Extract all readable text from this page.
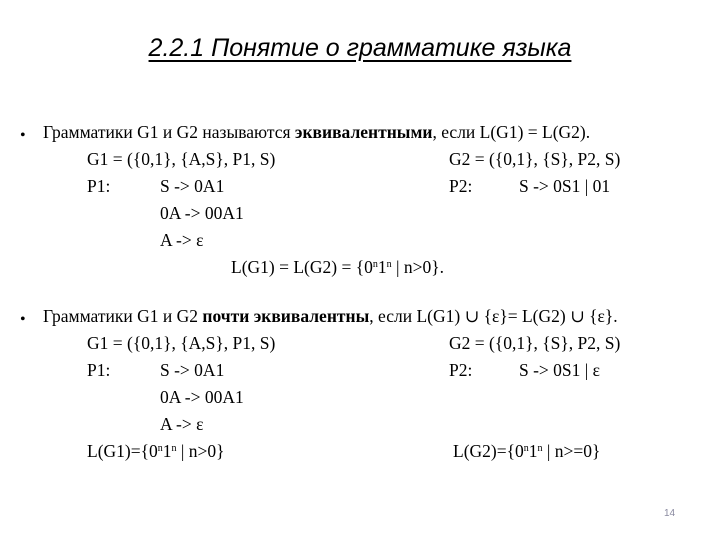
2.2.1 Понятие о грамматике языка
• Грамматики G1 и G2 называются эквивалентными, если L(G1) = L(G2).
G1 = ({0,1}, {A,S}, P1, S)	G2 = ({0,1}, {S}, P2, S)
P1:	S -> 0A1	P2:	S -> 0S1 | 01
0A -> 00A1
A -> ε
$L(G1) = L(G2) = \{0^n1^n$ | n>0}.
• Грамматики G1 и G2 почти эквивалентны, если L(G1) ∪ {ε}= L(G2) ∪ {ε}.
G1 = ({0,1}, {A,S}, P1, S)	G2 = ({0,1}, {S}, P2, S)
P1:	S -> 0A1	P2:	S -> 0S1 | ε
0A -> 00A1
A -> ε
$L(G1)=\{0^n1^n$ | n>0}	$L(G2)=\{0^n1^n$ | n>=0}
14
